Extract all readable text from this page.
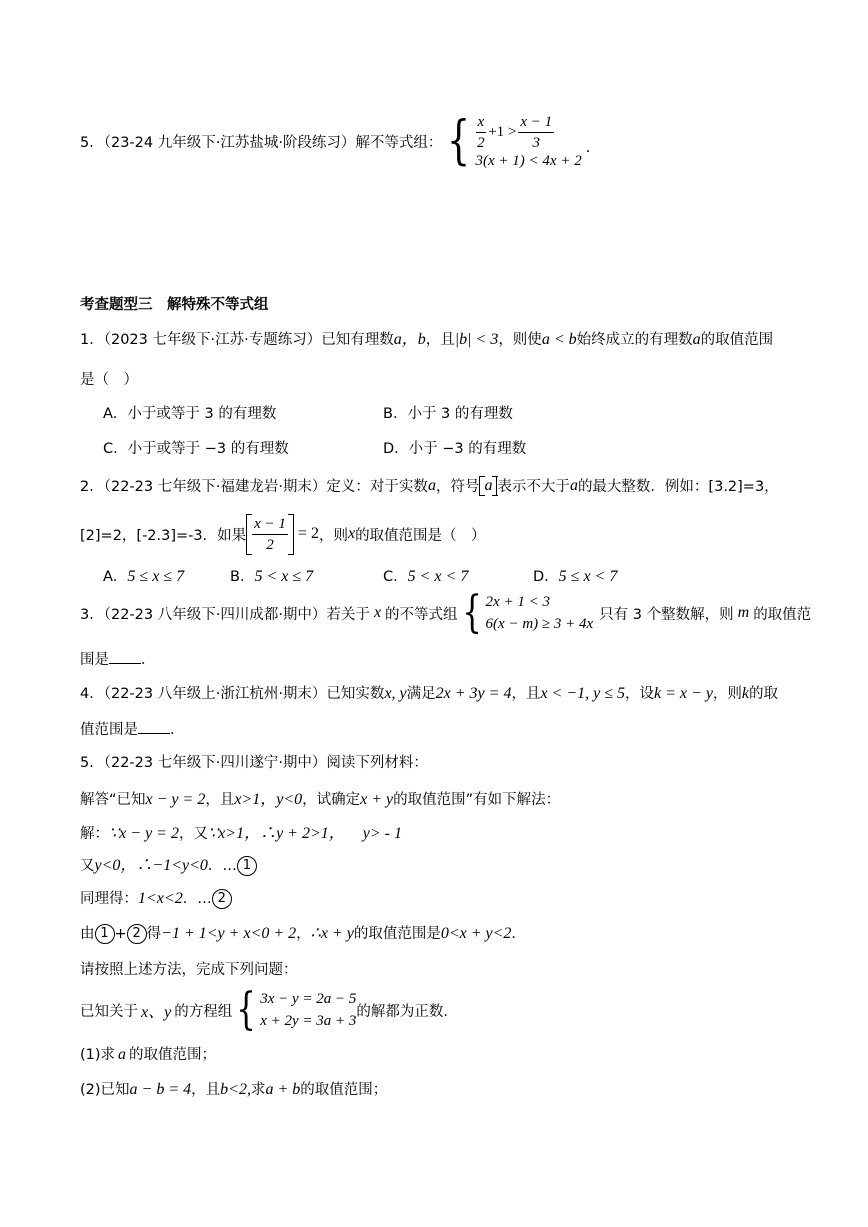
5．（23-24 九年级下·江苏盐城·阶段练习）解不等式组： { $\frac{x}{2} +1 > \frac{x - 1}{3}$
3(x + 1) < 4x + 2
.
考查题型三　解特殊不等式组
1．（2023 七年级下·江苏·专题练习）已知有理数a，b，且|b| < 3，则使a < b始终成立的有理数a的取值范围
是（　）
A．小于或等于 3 的有理数	B．小于 3 的有理数
C．小于或等于 −3 的有理数	D．小于 −3 的有理数
2．（22-23 七年级下·福建龙岩·期末）定义：对于实数 a ，符号 a 表示不大于 a 的最大整数．例如：[3.2]=3，
[2]=2，[-2.3]=-3．如果 $\frac{x - 1}{2} = 2$ ，则 x 的取值范围是（　）
A．5 ≤ x ≤ 7	B．5 < x ≤ 7	C．5 < x < 7	D．5 ≤ x < 7
3．（22-23 八年级下·四川成都·期中）若关于 x 的不等式组 { 2x + 1 < 3
6(x − m) ≥ 3 + 4x
只有 3 个整数解，则 m 的取值范
围是 ．
4．（22-23 八年级上·浙江杭州·期末）已知实数x, y满足2x + 3y = 4，且x < −1, y ≤ 5，设k = x − y，则k的取
值范围是 ．
5．（22-23 七年级下·四川遂宁·期中）阅读下列材料：
解答“已知x − y = 2，且x>1，y<0，试确定x + y的取值范围”有如下解法：
解：∵x − y = 2，又∵x>1，∴y + 2>1， y> - 1
又y<0，∴−1<y<0．… 1
同理得：1<x<2．… 2
由 1 + 2 得−1 + 1<y + x<0 + 2，∴x + y的取值范围是0<x + y<2．
请按照上述方法，完成下列问题：
已知关于 x、y 的方程组 { 3x − y = 2a − 5
x + 2y = 3a + 3
的解都为正数.
(1)求 a 的取值范围；
(2)已知a − b = 4，且b<2,求a + b的取值范围；
